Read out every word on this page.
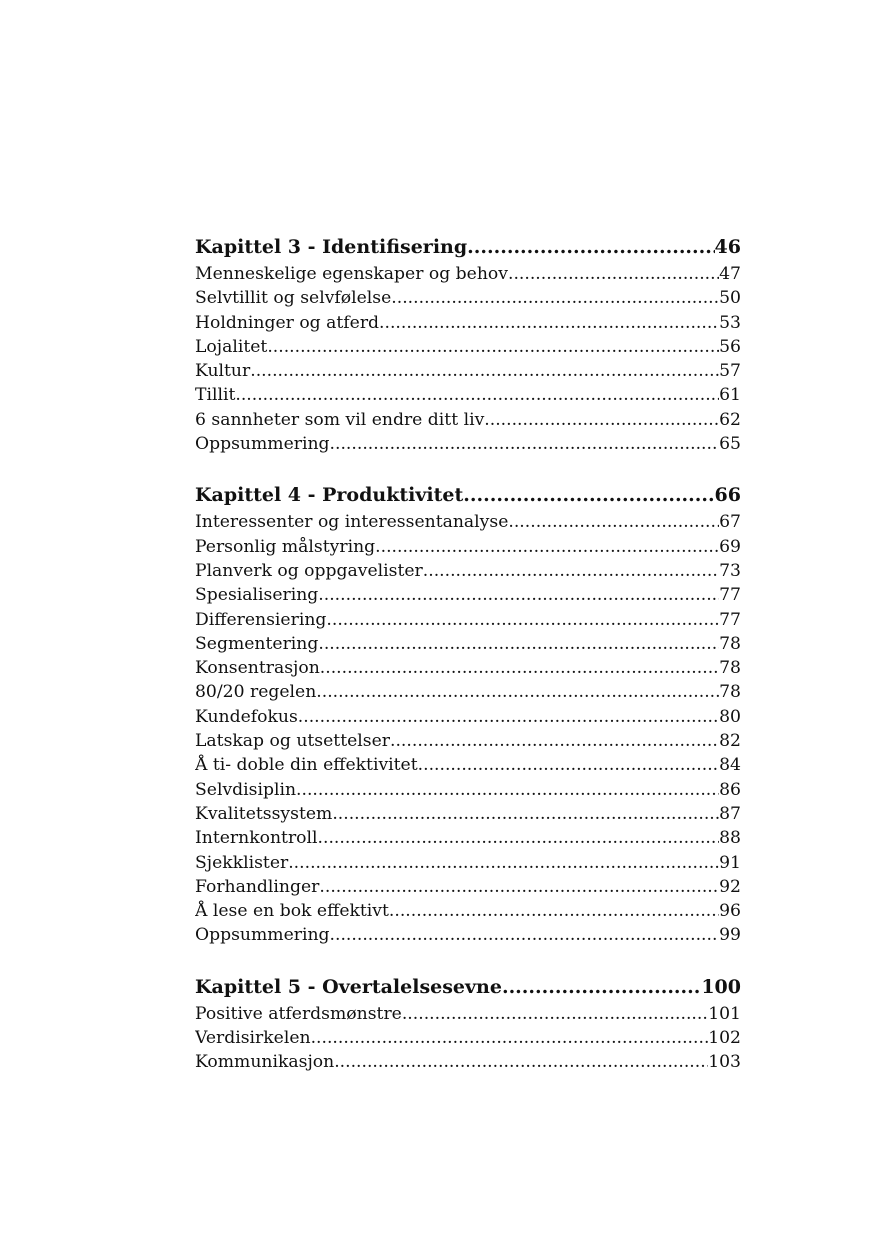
Kapittel 3 - Identifisering .....	46
Menneskelige egenskaper og behov .....	47
Selvtillit og selvfølelse .....	50
Holdninger og atferd .....	53
Lojalitet .....	56
Kultur .....	57
Tillit .....	61
6 sannheter som vil endre ditt liv .....	62
Oppsummering .....	65
Kapittel 4 - Produktivitet .....	66
Interessenter og interessentanalyse .....	67
Personlig målstyring .....	69
Planverk og oppgavelister .....	73
Spesialisering .....	77
Differensiering .....	77
Segmentering .....	78
Konsentrasjon .....	78
80/20 regelen .....	78
Kundefokus .....	80
Latskap og utsettelser .....	82
Å ti- doble din effektivitet .....	84
Selvdisiplin .....	86
Kvalitetssystem .....	87
Internkontroll .....	88
Sjekklister .....	91
Forhandlinger .....	92
Å lese en bok effektivt .....	96
Oppsummering .....	99
Kapittel 5 - Overtalelsesevne .....	100
Positive atferdsmønstre .....	101
Verdisirkelen .....	102
Kommunikasjon .....	103
